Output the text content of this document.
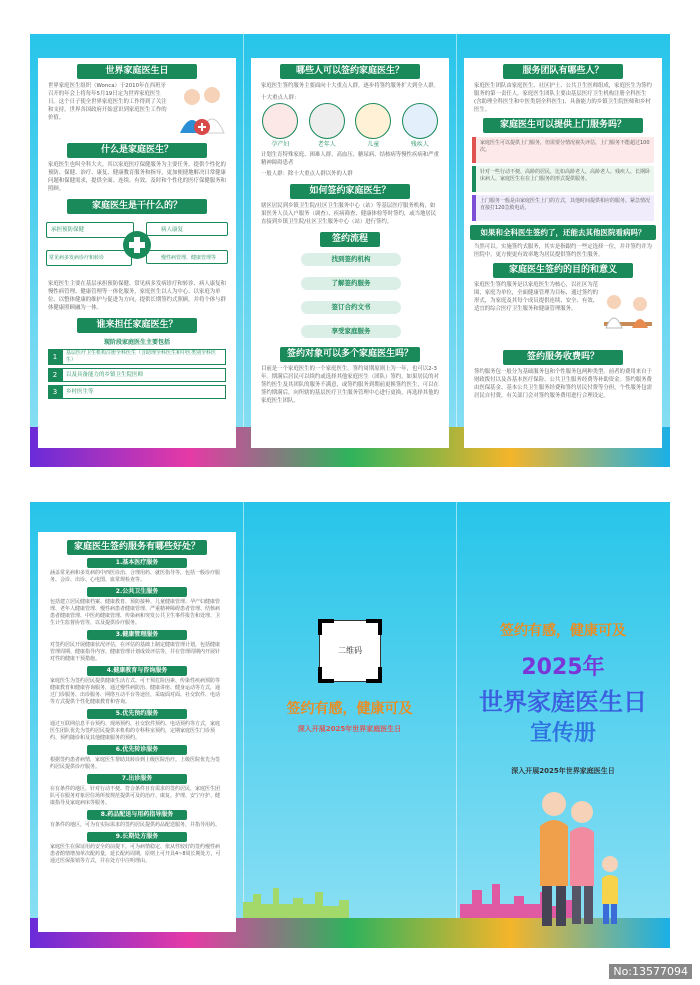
世界家庭医生日
世界家庭医生组织（Wonca）于2010年在西班牙召开的年会上将每年5月19日定为世界家庭医生日。这个日子使全世界家庭医生的工作得到了关注和支持，世界各国政府开始意识到家庭医生工作的价值。
什么是家庭医生？
家庭医生也叫全科大夫。其以家庭医疗保健服务为主要任务，提供个性化的预防、保健、治疗、康复、健康教育服务和指导，更加便捷地解决日常健康问题和保健需求，提供全面、连续、有效、及时和个性化的医疗保健服务和照顾。
家庭医生是干什么的？
承担预防保健	病人康复
常见病多发病诊疗和转诊	慢性病管理、健康管理等
家庭医生主要在基层承担预防保健、常见病多发病诊疗和转诊、病人康复和慢性病管理、健康管理等一体化服务，家庭医生以人为中心、以家庭为单位、以整体健康的维护与促进为方向，提供长期签约式照顾，并将个体与群体健康照顾融为一体。
谁来担任家庭医生？
现阶段家庭医生主要包括
1	基层医疗卫生机构注册全科医生（含助理全科医生和中医类别全科医生）
2	以及具备能力的乡镇卫生院医师
3	乡村医生等
哪些人可以签约家庭医生？
家庭医生签约服务主要面向十大重点人群，逐步将签约服务扩大到全人群。
十大重点人群：
孕产妇	老年人	儿童	残疾人
计划生育特殊家庭、困难人群、高血压、糖尿病、结核病等慢性疾病和严重精神障碍患者
一般人群：除十大重点人群以外的人群
如何签约家庭医生？
辖区居民到乡镇卫生院/社区卫生服务中心（站）等基层医疗服务机构，如果医务人员入户服务（调查）、疾病筛查、健康体检等时签约，或当地居民直接到乡镇卫生院/社区卫生服务中心（站）进行签约。
签约流程
找到签约机构
了解签约服务
签订合约文书
享受家庭服务
签约对象可以多个家庭医生吗？
目前是一个家庭医生的一个家庭医生。签约周期原则上为一年，也可以2-3年。期满后居民可以续约或选择其他家庭医生（团队）签约。如果居民的对签约医生及其团队的服务不满意，或签约服务到期前更换签约医生，可以在签约期满后，向所辖的基层医疗卫生服务管理中心进行更换，再选择其他的家庭医生团队。
服务团队有哪些人？
家庭医生团队由家庭医生、社区护士、公共卫生医师组成，家庭医生为签约服务的第一责任人。家庭医生团队主要由基层医疗卫生机构注册全科医生(含助理全科医生和中医类别全科医生)、具备能力的乡镇卫生院医师和乡村医生。
家庭医生可以提供上门服务吗？
家庭医生可以提供上门服务，但需要分情况视失评估，上门服务不能超过100次。
针对一些行动不便、高龄的居民，比如高龄老人、高龄老人、残疾人、长期卧床病人、家庭医生在在上门服务的形式提供服务。
上门服务一般是由家庭医生上门的方式，其他时间提供相应的服务。紧急情况直接打120急救电话。
如果和全科医生签约了，还能去其他医院看病吗？
当然可以。实施签约式服务，其实是指跟约一些定选择一位，并并签约并为医院中。更方便更有效率地为居民提供签约医生服务。
家庭医生签约的目的和意义
家庭医生签约服务是以家庭医生为核心，以社区为范围，家庭为单位，全面健康管理为目标，通过签约的形式，为家庭及其每个成员提供连续、安全、有效、适宜的综合医疗卫生服务和健康管理服务。
签约服务收费吗？
签约服务包一般分为基础服务包和个性服务包两种类型。前者的费用来自于财政拨付以及各基本医疗保险、公共卫生服务经费等补助资金。签约服务费由医保基金、基本公共卫生服务经费和签约居民付费等分担，个性服务包需居民自付费，有关部门会对签约服务费用进行合理设定。
家庭医生签约服务有哪些好处？
1.基本医疗服务
涵盖常见病和多发病的中西医诊治、合理用药、就医指导等，包括一般诊疗服务、会诊、出诊、心电图、血常规检查等。
2.公共卫生服务
包括建立居民健康档案、健康教育、预防接种、儿童健康管理、孕产妇健康管理、老年人健康管理、慢性病患者健康管理、严重精神障碍患者管理、结核病患者健康管理、中医药健康管理、传染病和突发公共卫生事件报告和处理、卫生计生监督协管等，以及提供诊疗服务。
3.健康管理服务
对签约居民开展健康状况评估，在评估的基础上制定健康管理计划，包括健康管理周期、健康指导内容、健康管理计划成效评估等，并在管理周期内开展针对性的健康干预措施。
4.健康教育与咨询服务
家庭医生为签约居民提供健康生活方式、可干预危险因素、传染性疾病预防等健康教育和健康咨询服务，通过慢性病防治、健康讲座、健身运动等方式，通过门诊服务、出诊服务、网络互动平台等途径，采取面对面、社交软件、电话等方式提供个性化健康教育和咨询。
5.优先预约服务
通过互联网信息平台预约、现场预约、社交软件预约、电话预约等方式，家庭医生团队优先为签约居民提供本机构的专科科室预约，定期家庭医生门诊预约、预约随诊和及其他健康服务的预约。
6.优先转诊服务
根据签约患者病情，家庭医生帮助其转诊到上级医院治疗。上级医院优先为签约居民提供诊疗服务。
7.出诊服务
在有条件的地区，针对行动不便、符合条件且有需求的签约居民，家庭医生团队可在服务对象居住场所按规范提供可及的治疗、康复、护理、安宁疗护、健康指导及家庭病床等服务。
8.药品配送与用药指导服务
有条件的地区，可为有实际需求的签约居民提供药品配送服务，并指导用药。
9.长期处方服务
家庭医生在保证用药安全的前提下，可为病情稳定、依从性较好的签约慢性病患者酌情增加单次配药量，延长配药周期，原则上可开具4~8周长期处方，可通过医保报销等方式，并在处方中注明理由。
二维码
签约有感，健康可及
深入开展2025年世界家庭医生日
签约有感，健康可及
2025年
世界家庭医生日
宣传册
深入开展2025年世界家庭医生日
No:13577094
